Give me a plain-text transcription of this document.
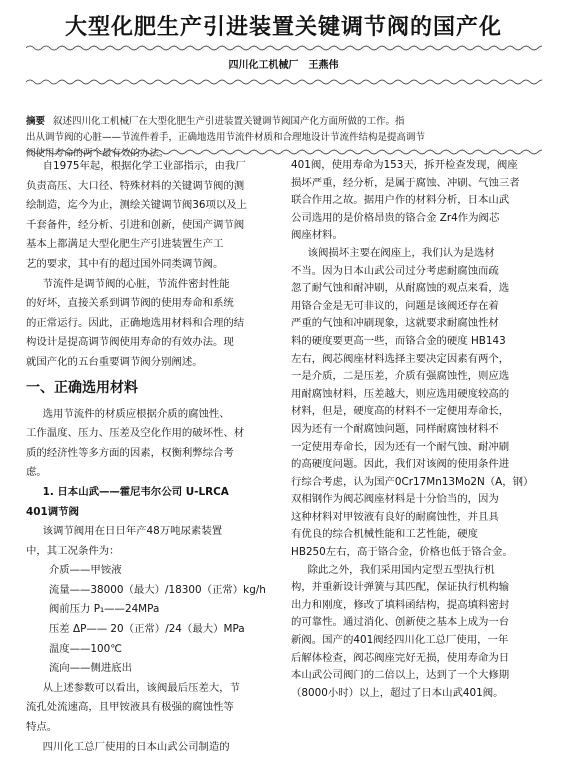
大型化肥生产引进装置关键调节阀的国产化
四川化工机械厂　王燕伟
摘要 叙述四川化工机械厂在大型化肥生产引进装置关键调节阀国产化方面所做的工作。指
出从调节阀的心脏——节流件着手，正确地选用节流件材质和合理地设计节流件结构是提高调节
阀使用寿命的两个最有效的办法。
自1975年起，根据化学工业部指示，由我厂
负责高压、大口径、特殊材料的关键调节阀的测
绘制造，迄今为止，测绘关键调节阀36项以及上
千套备件，经分析、引进和创新，使国产调节阀
基本上都满足大型化肥生产引进装置生产工
艺的要求，其中有的超过国外同类调节阀。
节流件是调节阀的心脏，节流件密封性能
的好坏，直接关系到调节阀的使用寿命和系统
的正常运行。因此，正确地选用材料和合理的结
构设计是提高调节阀使用寿命的有效办法。现
就国产化的五台重要调节阀分别阐述。
一、正确选用材料
选用节流件的材质应根据介质的腐蚀性、
工作温度、压力、压差及空化作用的破坏性、材
质的经济性等多方面的因素，权衡利弊综合考
虑。
1. 日本山武——霍尼韦尔公司 U-LRCA
401调节阀
该调节阀用在日日年产48万吨尿素装置
中，其工况条件为：
介质——甲铵液
流量——38000（最大）/18300（正常）kg/h
阀前压力 P₁——24MPa
压差 ΔP—— 20（正常）/24（最大）MPa
温度——100℃
流向——侧进底出
从上述参数可以看出，该阀最后压差大，节
流孔处流速高，且甲铵液具有极强的腐蚀性等
特点。
四川化工总厂使用的日本山武公司制造的
401阀，使用寿命为153天，拆开检查发现，阀座
损坏严重，经分析，是属于腐蚀、冲刷、气蚀三者
联合作用之故。据用户作的材料分析，日本山武
公司选用的是价格昂贵的铬合金 Zr4作为阀芯
阀座材料。
该阀损坏主要在阀座上，我们认为是选材
不当。因为日本山武公司过分考虑耐腐蚀而疏
忽了耐气蚀和耐冲刷，从耐腐蚀的观点来看，选
用铬合金是无可非议的，问题是该阀还存在着
严重的气蚀和冲刷现象，这就要求耐腐蚀性材
料的硬度要更高一些，而铬合金的硬度 HB143
左右，阀芯阀座材料选择主要决定因素有两个，
一是介质，二是压差，介质有强腐蚀性，则应选
用耐腐蚀材料，压差越大，则应选用硬度较高的
材料，但是，硬度高的材料不一定便用寿命长，
因为还有一个耐腐蚀问题，同样耐腐蚀材料不
一定使用寿命长，因为还有一个耐气蚀、耐冲刷
的高硬度问题。因此，我们对该阀的使用条件进
行综合考虑，认为国产0Cr17Mn13Mo2N（A，钢）
双相钢作为阀芯阀座材料是十分恰当的，因为
这种材料对甲铵液有良好的耐腐蚀性，并且具
有优良的综合机械性能和工艺性能，硬度
HB250左右，高于铬合金，价格也低于铬合金。
除此之外，我们采用国内定型五型执行机
构，并重新设计弹簧与其匹配，保证执行机构输
出力和刚度，修改了填料函结构，提高填料密封
的可靠性。通过消化、创新使之基本上成为一台
新阀。国产的401阀经四川化工总厂使用，一年
后解体检查，阀芯阀座完好无损，使用寿命为日
本山武公司阀门的二倍以上，达到了一个大修期
（8000小时）以上，超过了日本山武401阀。
